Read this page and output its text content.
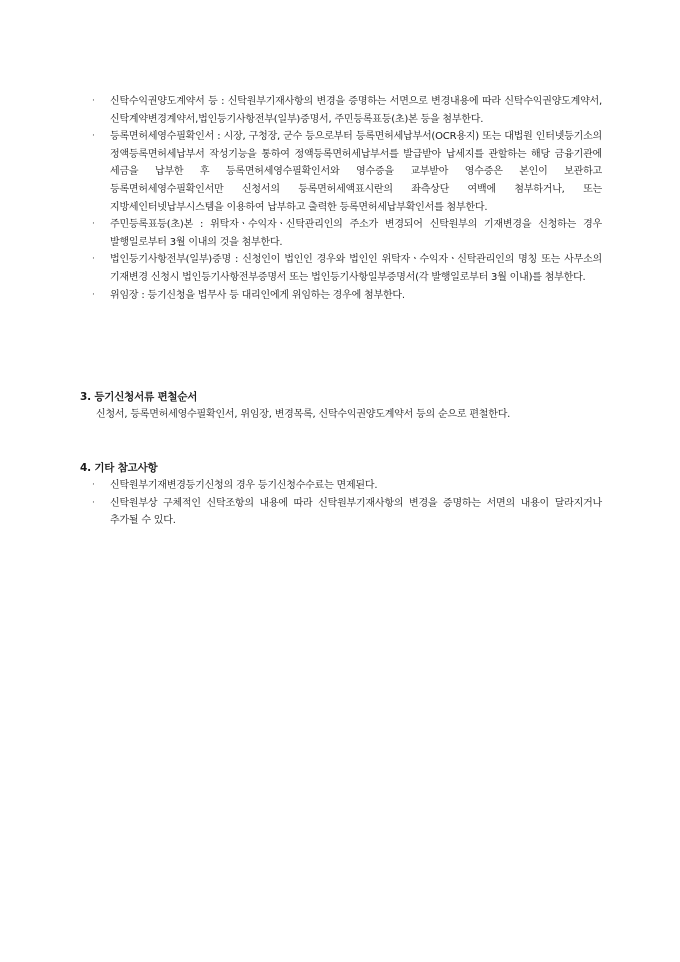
·	신탁수익권양도계약서 등 : 신탁원부기재사항의 변경을 증명하는 서면으로 변경내용에 따라 신탁수익권양도계약서,신탁계약변경계약서,법인등기사항전부(일부)증명서, 주민등록표등(초)본 등을 첨부한다.
·	등록면허세영수필확인서 : 시장, 구청장, 군수 등으로부터 등록면허세납부서(OCR용지) 또는 대법원 인터넷등기소의 정액등록면허세납부서 작성기능을 통하여 정액등록면허세납부서를 발급받아 납세지를 관할하는 해당 금융기관에 세금을 납부한 후 등록면허세영수필확인서와 영수증을 교부받아 영수증은 본인이 보관하고 등록면허세영수필확인서만 신청서의 등록면허세액표시란의 좌측상단 여백에 첨부하거나, 또는 지방세인터넷납부시스템을 이용하여 납부하고 출력한 등록면허세납부확인서를 첨부한다.
·	주민등록표등(초)본 : 위탁자ㆍ수익자ㆍ신탁관리인의 주소가 변경되어 신탁원부의 기재변경을 신청하는 경우 발행일로부터 3월 이내의 것을 첨부한다.
·	법인등기사항전부(일부)증명 : 신청인이 법인인 경우와 법인인 위탁자ㆍ수익자ㆍ신탁관리인의 명칭 또는 사무소의 기재변경 신청시 법인등기사항전부증명서 또는 법인등기사항일부증명서(각 발행일로부터 3월 이내)를 첨부한다.
·	위임장 : 등기신청을 법무사 등 대리인에게 위임하는 경우에 첨부한다.
3. 등기신청서류 편철순서

신청서, 등록면허세영수필확인서, 위임장, 변경목록, 신탁수익권양도계약서 등의 순으로 편철한다.

4. 기타 참고사항
·	신탁원부기재변경등기신청의 경우 등기신청수수료는 면제된다.
·	신탁원부상 구체적인 신탁조항의 내용에 따라 신탁원부기재사항의 변경을 증명하는 서면의 내용이 달라지거나 추가될 수 있다.
